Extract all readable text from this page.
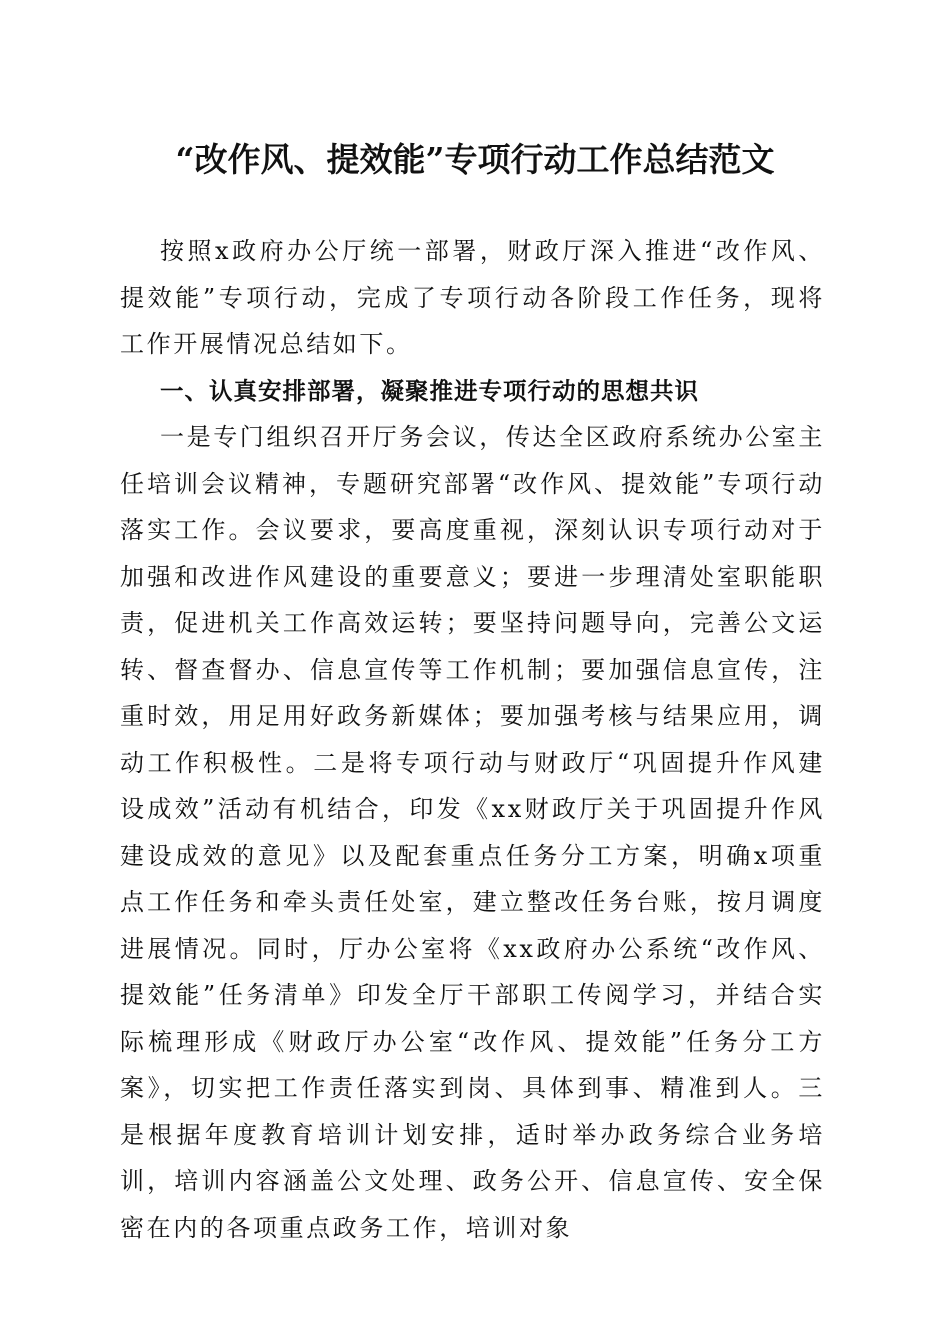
“改作风、提效能”专项行动工作总结范文

按照x政府办公厅统一部署，财政厅深入推进“改作风、提效能”专项行动，完成了专项行动各阶段工作任务，现将工作开展情况总结如下。

一、认真安排部署，凝聚推进专项行动的思想共识

一是专门组织召开厅务会议，传达全区政府系统办公室主任培训会议精神，专题研究部署“改作风、提效能”专项行动落实工作。会议要求，要高度重视，深刻认识专项行动对于加强和改进作风建设的重要意义；要进一步理清处室职能职责，促进机关工作高效运转；要坚持问题导向，完善公文运转、督查督办、信息宣传等工作机制；要加强信息宣传，注重时效，用足用好政务新媒体；要加强考核与结果应用，调动工作积极性。二是将专项行动与财政厅“巩固提升作风建设成效”活动有机结合，印发《xx财政厅关于巩固提升作风建设成效的意见》以及配套重点任务分工方案，明确x项重点工作任务和牵头责任处室，建立整改任务台账，按月调度进展情况。同时，厅办公室将《xx政府办公系统“改作风、提效能”任务清单》印发全厅干部职工传阅学习，并结合实际梳理形成《财政厅办公室“改作风、提效能”任务分工方案》，切实把工作责任落实到岗、具体到事、精准到人。三是根据年度教育培训计划安排，适时举办政务综合业务培训，培训内容涵盖公文处理、政务公开、信息宣传、安全保密在内的各项重点政务工作，培训对象
